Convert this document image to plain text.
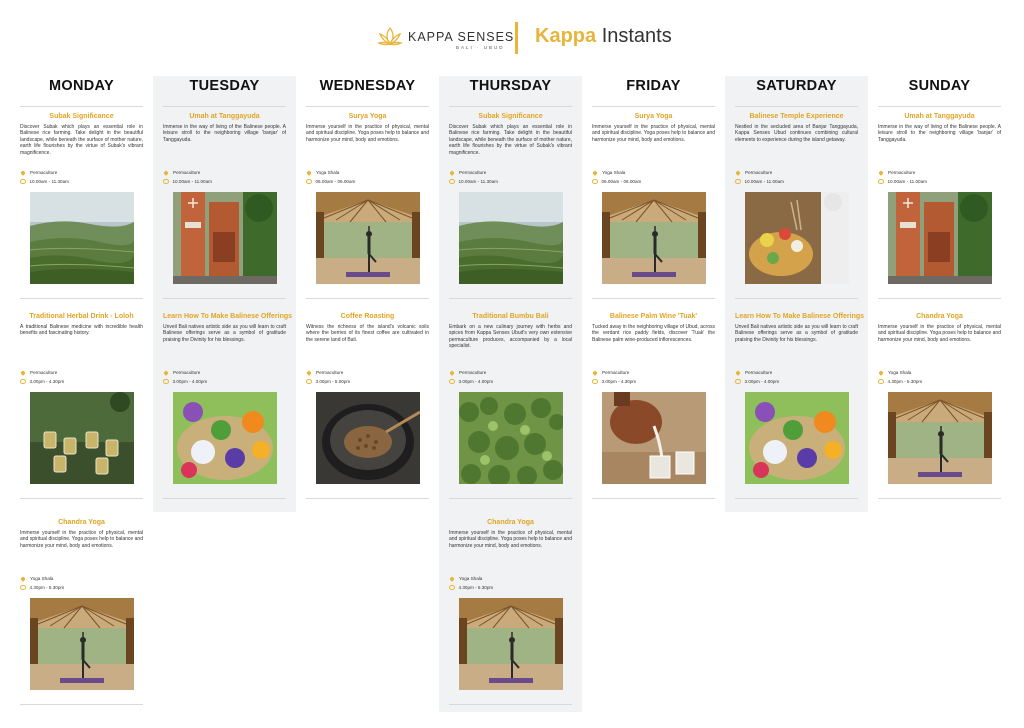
KAPPA SENSES
BALI · UBUD
Kappa Instants
MONDAY
Subak Significance
Discover Subak which plays an essential role in Balinese rice farming. Take delight in the beautiful landscape, while beneath the surface of mother nature, earth life flourishes by the virtue of Subak's vibrant magnificence.
Permaculture
10.00am - 11.30am
Traditional Herbal Drink - Loloh
A traditional Balinese medicine with incredible health benefits and fascinating history.
Permaculture
3.00pm - 4.30pm
Chandra Yoga
Immerse yourself in the practice of physical, mental and spiritual discipline. Yoga poses help to balance and harmonize your mind, body and emotions.
Yoga Shala
4.30pm - 5.30pm
TUESDAY
Umah at Tanggayuda
Immerse in the way of living of the Balinese people. A leisure stroll to the neighboring village 'banjar' of Tanggayuda.
Permaculture
10.00am - 11.00am
Learn How To Make Balinese Offerings
Unveil Bali natives artistic side as you will learn to craft Balinese offerings serve as a symbol of gratitude praising the Divinity for his blessings.
Permaculture
3.00pm - 4.00pm
WEDNESDAY
Surya Yoga
Immerse yourself in the practice of physical, mental and spiritual discipline. Yoga poses help to balance and harmonize your mind, body and emotions.
Yoga Shala
06.00am - 06.00am
Coffee Roasting
Witness the richness of the island's volcanic soils where the berries of its finest coffee are cultivated in the serene land of Bali.
Permaculture
3.00pm - 5.00pm
THURSDAY
Subak Significance
Discover Subak which plays an essential role in Balinese rice farming. Take delight in the beautiful landscape, while beneath the surface of mother nature, earth life flourishes by the virtue of Subak's vibrant magnificence.
Permaculture
10.00am - 11.30am
Traditional Bumbu Bali
Embark on a new culinary journey with herbs and spices from Kappa Senses Ubud's very own extensive permaculture produces, accompanied by a local specialist.
Permaculture
3.00pm - 4.00pm
Chandra Yoga
Immerse yourself in the practice of physical, mental and spiritual discipline. Yoga poses help to balance and harmonize your mind, body and emotions.
Yoga Shala
4.30pm - 5.30pm
FRIDAY
Surya Yoga
Immerse yourself in the practice of physical, mental and spiritual discipline. Yoga poses help to balance and harmonize your mind, body and emotions.
Yoga Shala
06.00am - 06.00am
Balinese Palm Wine 'Tuak'
Tucked away in the neighboring village of Ubud, across the verdant rice paddy fields, discover 'Tuak' the Balinese palm wine-produced inflorescences.
Permaculture
3.00pm - 4.30pm
SATURDAY
Balinese Temple Experience
Nestled in the secluded area of Banjar Tanggayuda, Kappa Senses Ubud continues combining cultural elements to experience during the island getaway.
Permaculture
10.00am - 11.00am
Learn How To Make Balinese Offerings
Unveil Bali natives artistic side as you will learn to craft Balinese offerings serve as a symbol of gratitude praising the Divinity for his blessings.
Permaculture
3.00pm - 4.00pm
SUNDAY
Umah at Tanggayuda
Immerse in the way of living of the Balinese people. A leisure stroll to the neighboring village 'banjar' of Tanggayuda.
Permaculture
10.00am - 11.00am
Chandra Yoga
Immerse yourself in the practice of physical, mental and spiritual discipline. Yoga poses help to balance and harmonize your mind, body and emotions.
Yoga Shala
4.30pm - 5.30pm
